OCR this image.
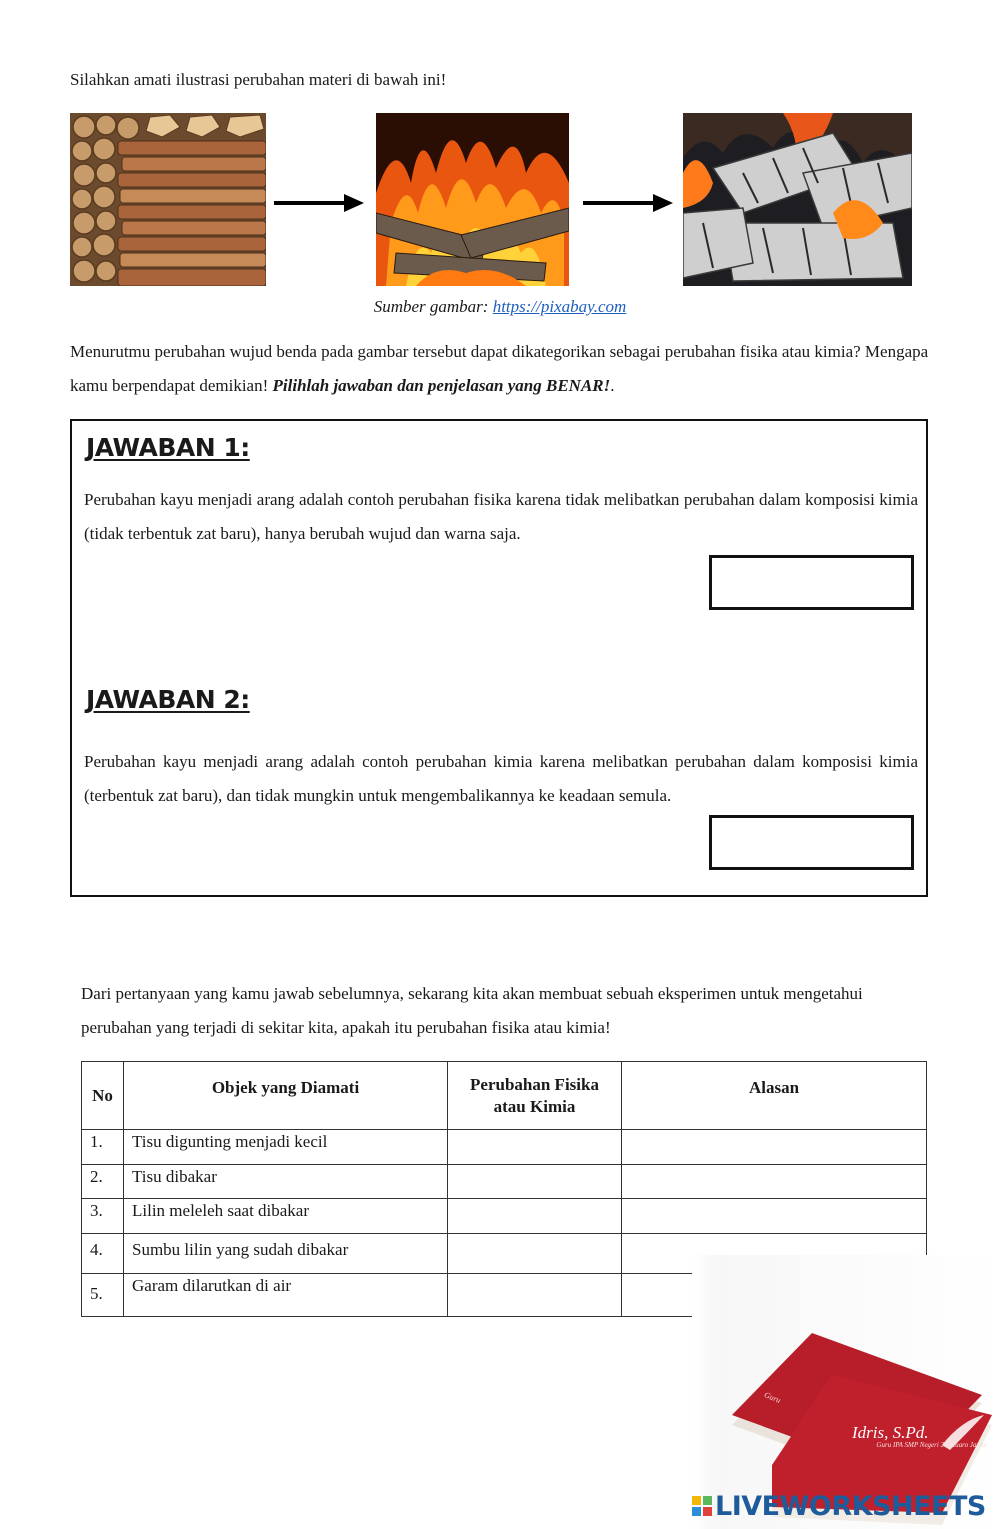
Silahkan amati ilustrasi perubahan materi di bawah ini!
Sumber gambar: https://pixabay.com
Menurutmu perubahan wujud benda pada gambar tersebut dapat dikategorikan sebagai perubahan fisika atau kimia? Mengapa kamu berpendapat demikian! Pilihlah jawaban dan penjelasan yang BENAR!.
JAWABAN 1:
Perubahan kayu menjadi arang adalah contoh perubahan fisika karena tidak melibatkan perubahan dalam komposisi kimia (tidak terbentuk zat baru), hanya berubah wujud dan warna saja.
JAWABAN 2:
Perubahan kayu menjadi arang adalah contoh perubahan kimia karena melibatkan perubahan dalam komposisi kimia (terbentuk zat baru), dan tidak mungkin untuk mengembalikannya ke keadaan semula.
Dari pertanyaan yang kamu jawab sebelumnya, sekarang kita akan membuat sebuah eksperimen untuk mengetahui perubahan yang terjadi di sekitar kita, apakah itu perubahan fisika atau kimia!
No	Objek yang Diamati	Perubahan Fisika atau Kimia	Alasan
1.	Tisu digunting menjadi kecil		
2.	Tisu dibakar		
3.	Lilin meleleh saat dibakar		
4.	Sumbu lilin yang sudah dibakar		
5.	Garam dilarutkan di air		
Guru
Idris, S.Pd.
Guru IPA SMP Negeri 29 Muaro Jambi
LIVEWORKSHEETS
